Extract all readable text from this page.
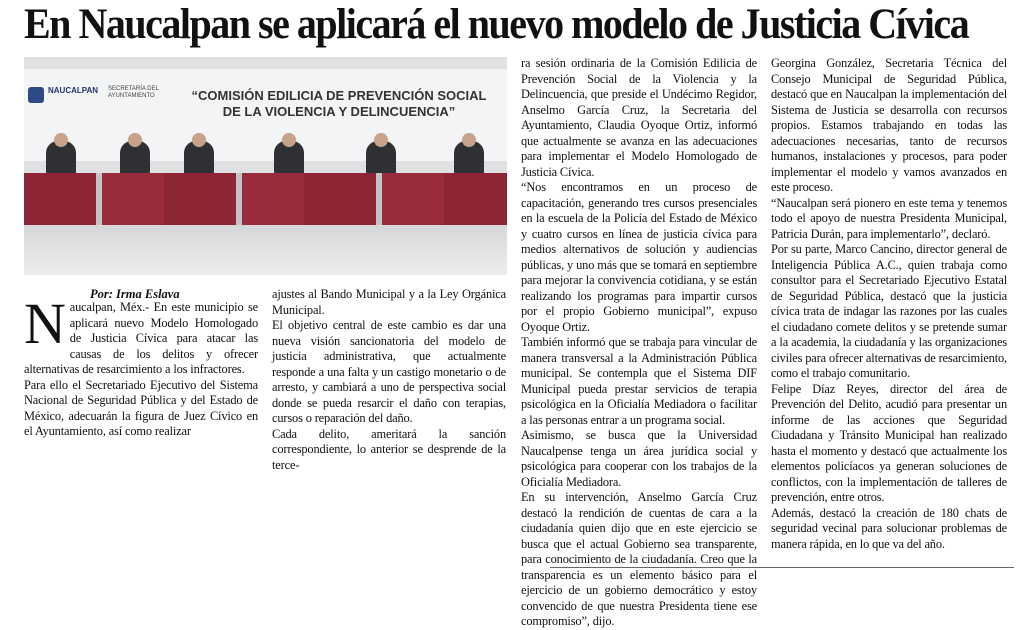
En Naucalpan se aplicará el nuevo modelo de Justicia Cívica
NAUCALPAN SECRETARÍA DEL AYUNTAMIENTO	“COMISIÓN EDILICIA DE PREVENCIÓN SOCIAL
DE LA VIOLENCIA Y DELINCUENCIA”
Por: Irma Eslava

Naucalpan, Méx.- En este municipio se aplicará nuevo Modelo Homologado de Justicia Cívica para atacar las causas de los delitos y ofrecer alternativas de resarcimiento a los infractores.

Para ello el Secretariado Ejecutivo del Sistema Nacional de Seguridad Pública y del Estado de México, adecuarán la figura de Juez Cívico en el Ayuntamiento, así como realizar

ajustes al Bando Municipal y a la Ley Orgánica Municipal.

El objetivo central de este cambio es dar una nueva visión sancionatoria del modelo de justicia administrativa, que actualmente responde a una falta y un castigo monetario o de arresto, y cambiará a uno de perspectiva social donde se pueda resarcir el daño con terapias, cursos o reparación del daño.

Cada delito, ameritará la sanción correspondiente, lo anterior se desprende de la terce-

ra sesión ordinaria de la Comisión Edilicia de Prevención Social de la Violencia y la Delincuencia, que preside el Undécimo Regidor, Anselmo García Cruz, la Secretaria del Ayuntamiento, Claudia Oyoque Ortiz, informó que actualmente se avanza en las adecuaciones para implementar el Modelo Homologado de Justicia Cívica.

“Nos encontramos en un proceso de capacitación, generando tres cursos presenciales en la escuela de la Policía del Estado de México y cuatro cursos en línea de justicia cívica para medios alternativos de solución y audiencias públicas, y uno más que se tomará en septiembre para mejorar la convivencia cotidiana, y se están realizando los programas para impartir cursos por el propio Gobierno municipal”, expuso Oyoque Ortiz.

También informó que se trabaja para vincular de manera transversal a la Administración Pública municipal. Se contempla que el Sistema DIF Municipal pueda prestar servicios de terapia psicológica en la Oficialía Mediadora o facilitar a las personas entrar a un programa social.

Asimismo, se busca que la Universidad Naucalpense tenga un área jurídica social y psicológica para cooperar con los trabajos de la Oficialía Mediadora.

En su intervención, Anselmo García Cruz destacó la rendición de cuentas de cara a la ciudadanía quien dijo que en este ejercicio se busca que el actual Gobierno sea transparente, para conocimiento de la ciudadanía. Creo que la transparencia es un elemento básico para el ejercicio de un gobierno democrático y estoy convencido de que nuestra Presidenta tiene ese compromiso”, dijo.

Georgina González, Secretaria Técnica del Consejo Municipal de Seguridad Pública, destacó que en Naucalpan la implementación del Sistema de Justicia se desarrolla con recursos propios. Estamos trabajando en todas las adecuaciones necesarias, tanto de recursos humanos, instalaciones y procesos, para poder implementar el modelo y vamos avanzados en este proceso.

“Naucalpan será pionero en este tema y tenemos todo el apoyo de nuestra Presidenta Municipal, Patricia Durán, para implementarlo”, declaró.

Por su parte, Marco Cancino, director general de Inteligencia Pública A.C., quien trabaja como consultor para el Secretariado Ejecutivo Estatal de Seguridad Pública, destacó que la justicia cívica trata de indagar las razones por las cuales el ciudadano comete delitos y se pretende sumar a la academia, la ciudadanía y las organizaciones civiles para ofrecer alternativas de resarcimiento, como el trabajo comunitario.

Felipe Díaz Reyes, director del área de Prevención del Delito, acudió para presentar un informe de las acciones que Seguridad Ciudadana y Tránsito Municipal han realizado hasta el momento y destacó que actualmente los elementos policíacos ya generan soluciones de conflictos, con la implementación de talleres de prevención, entre otros.

Además, destacó la creación de 180 chats de seguridad vecinal para solucionar problemas de manera rápida, en lo que va del año.
